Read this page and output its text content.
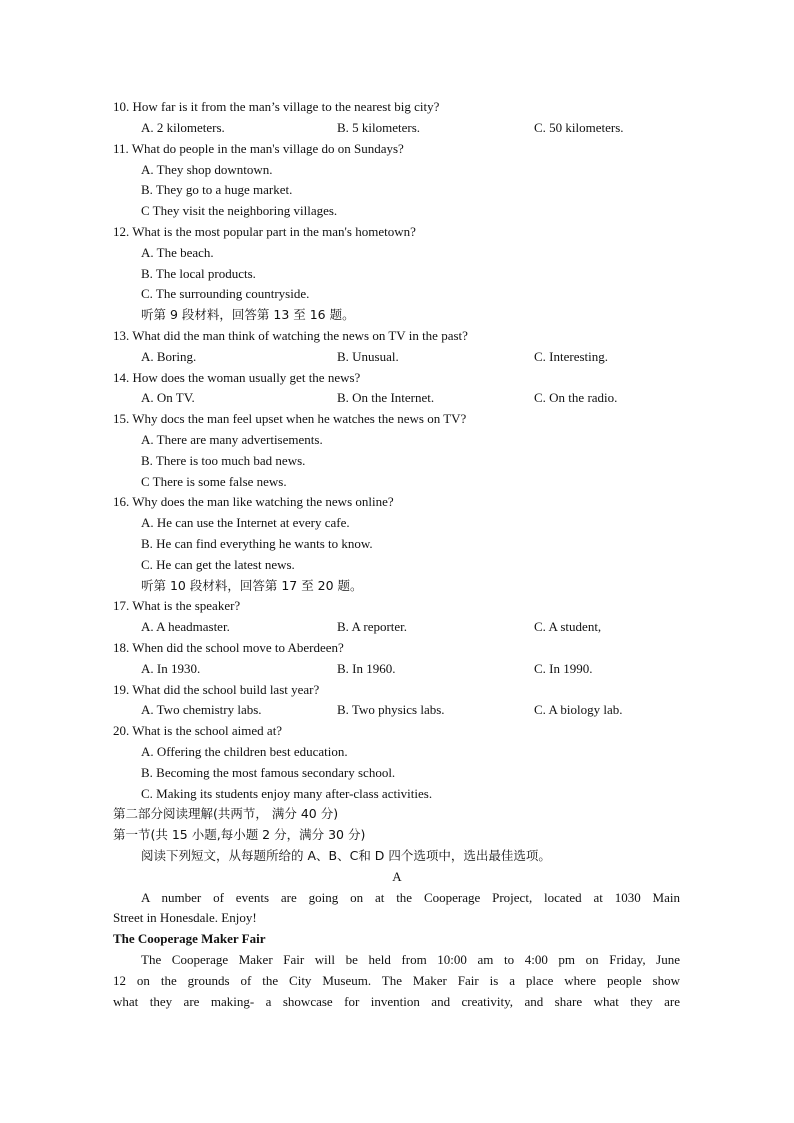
10. How far is it from the man’s village to the nearest big city?
A. 2 kilometers.	B. 5 kilometers.	C. 50 kilometers.
11. What do people in the man's village do on Sundays?
A. They shop downtown.
B. They go to a huge market.
C They visit the neighboring villages.
12. What is the most popular part in the man's hometown?
A. The beach.
B. The local products.
C. The surrounding countryside.
听第 9 段材料，回答第 13 至 16 题。
13. What did the man think of watching the news on TV in the past?
A. Boring.	B. Unusual.	C. Interesting.
14. How does the woman usually get the news?
A. On TV.	B. On the Internet.	C. On the radio.
15. Why docs the man feel upset when he watches the news on TV?
A. There are many advertisements.
B. There is too much bad news.
C There is some false news.
16. Why does the man like watching the news online?
A. He can use the Internet at every cafe.
B. He can find everything he wants to know.
C. He can get the latest news.
听第 10 段材料，回答第 17 至 20 题。
17. What is the speaker?
A. A headmaster.	B. A reporter.	C. A student,
18. When did the school move to Aberdeen?
A. In 1930.	B. In 1960.	C. In 1990.
19. What did the school build last year?
A. Two chemistry labs.	B. Two physics labs.	C. A biology lab.
20. What is the school aimed at?
A. Offering the children best education.
B. Becoming the most famous secondary school.
C. Making its students enjoy many after-class activities.
第二部分阅读理解(共两节， 满分 40 分)
第一节(共 15 小题,每小题 2 分，满分 30 分)
阅读下列短文，从每题所给的 A、B、C和 D 四个选项中，选出最佳选项。
A
A number of events are going on at the Cooperage Project, located at 1030 Main
Street in Honesdale. Enjoy!
The Cooperage Maker Fair
The Cooperage Maker Fair will be held from 10:00 am to 4:00 pm on Friday, June
12 on the grounds of the City Museum. The Maker Fair is a place where people show
what they are making- a showcase for invention and creativity, and share what they are
